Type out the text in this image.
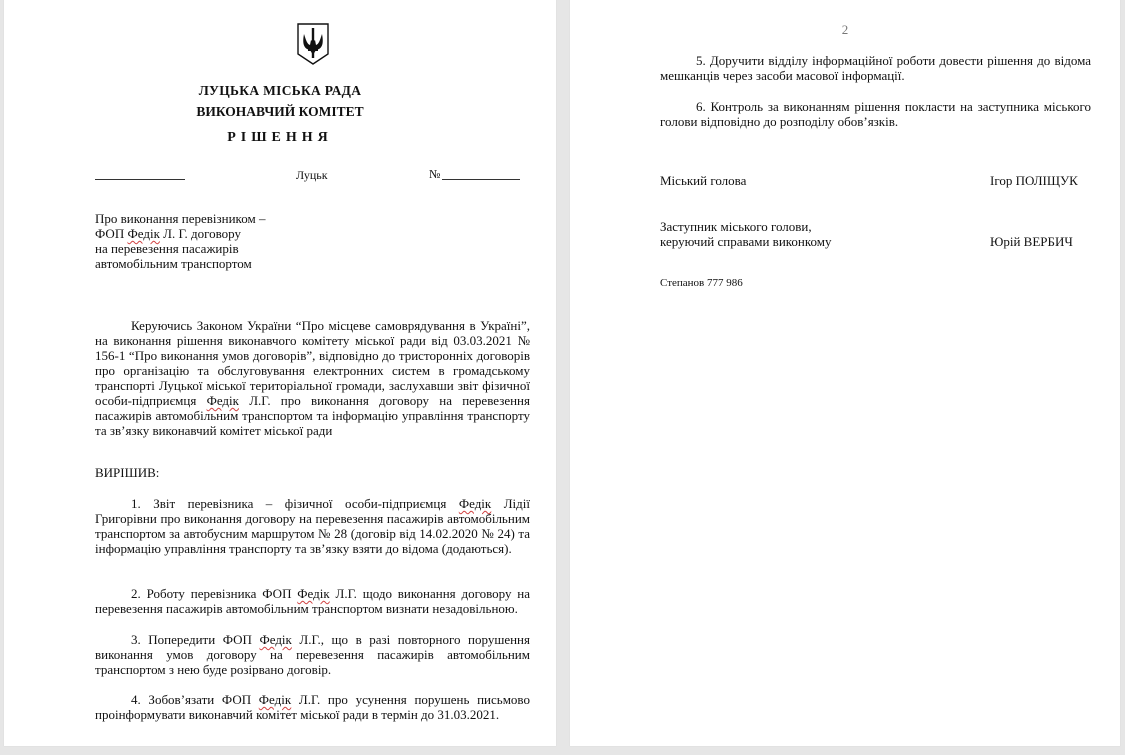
ЛУЦЬКА МІСЬКА РАДА
ВИКОНАВЧИЙ КОМІТЕТ
РІШЕННЯ
Луцьк	№
Про виконання перевізником –
ФОП Федік Л. Г. договору
на перевезення пасажирів
автомобільним транспортом
Керуючись Законом України “Про місцеве самоврядування в Україні”, на виконання рішення виконавчого комітету міської ради від 03.03.2021 № 156-1 “Про виконання умов договорів”, відповідно до тристоронніх договорів про організацію та обслуговування електронних систем в громадському транспорті Луцької міської територіальної громади, заслухавши звіт фізичної особи-підприємця Федік Л.Г. про виконання договору на перевезення пасажирів автомобільним транспортом та інформацію управління транспорту та зв’язку виконавчий комітет міської ради
ВИРІШИВ:
1. Звіт перевізника – фізичної особи-підприємця Федік Лідії Григорівни про виконання договору на перевезення пасажирів автомобільним транспортом за автобусним маршрутом № 28 (договір від 14.02.2020 № 24) та інформацію управління транспорту та зв’язку взяти до відома (додаються).
2. Роботу перевізника ФОП Федік Л.Г. щодо виконання договору на перевезення пасажирів автомобільним транспортом визнати незадовільною.
3. Попередити ФОП Федік Л.Г., що в разі повторного порушення виконання умов договору на перевезення пасажирів автомобільним транспортом з нею буде розірвано договір.
4. Зобов’язати ФОП Федік Л.Г. про усунення порушень письмово проінформувати виконавчий комітет міської ради в термін до 31.03.2021.
2
5. Доручити відділу інформаційної роботи довести рішення до відома мешканців через засоби масової інформації.
6. Контроль за виконанням рішення покласти на заступника міського голови відповідно до розподілу обов’язків.
Міський голова	Ігор ПОЛІЩУК
Заступник міського голови,
керуючий справами виконкому	Юрій ВЕРБИЧ
Степанов 777 986
